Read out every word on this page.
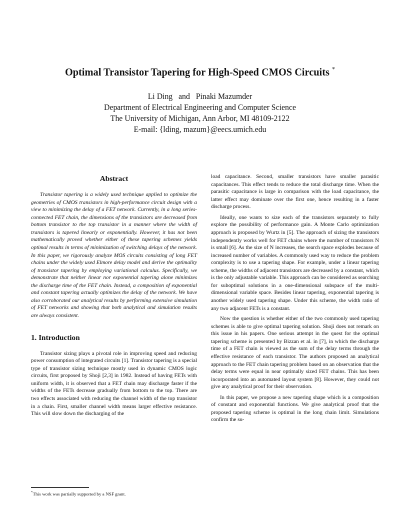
Optimal Transistor Tapering for High-Speed CMOS Circuits *
Li Ding   and   Pinaki Mazumder
Department of Electrical Engineering and Computer Science
The University of Michigan, Ann Arbor, MI 48109-2122
E-mail: {lding, mazum}@eecs.umich.edu
Abstract

Transistor tapering is a widely used technique applied to optimize the geometries of CMOS transistors in high-performance circuit design with a view to minimizing the delay of a FET network. Currently, in a long series-connected FET chain, the dimensions of the transistors are decreased from bottom transistor to the top transistor in a manner where the width of transistors is tapered linearly or exponentially. However, it has not been mathematically proved whether either of these tapering schemes yields optimal results in terms of minimization of switching delays of the network. In this paper, we rigorously analyze MOS circuits consisting of long FET chains under the widely used Elmore delay model and derive the optimality of transistor tapering by employing variational calculus. Specifically, we demonstrate that neither linear nor exponential tapering alone minimizes the discharge time of the FET chain. Instead, a composition of exponential and constant tapering actually optimizes the delay of the network. We have also corroborated our analytical results by performing extensive simulation of FET networks and showing that both analytical and simulation results are always consistent.

1. Introduction

Transistor sizing plays a pivotal role in improving speed and reducing power consumption of integrated circuits [1]. Transistor tapering is a special type of transistor sizing technique mostly used in dynamic CMOS logic circuits, first proposed by Shoji [2,3] in 1982. Instead of having FETs with uniform width, it is observed that a FET chain may discharge faster if the widths of the FETs decrease gradually from bottom to the top. There are two effects associated with reducing the channel width of the top transistor in a chain. First, smaller channel width means larger effective resistance. This will slow down the discharging of the

load capacitance. Second, smaller transistors have smaller parasitic capacitances. This effect tends to reduce the total discharge time. When the parasitic capacitance is large in comparison with the load capacitance, the latter effect may dominate over the first one, hence resulting in a faster discharge process.

Ideally, one wants to size each of the transistors separately to fully explore the possibility of performance gain. A Monte Carlo optimization approach is proposed by Wurtz in [5]. The approach of sizing the transistors independently works well for FET chains where the number of transistors N is small [6]. As the size of N increases, the search space explodes because of increased number of variables. A commonly used way to reduce the problem complexity is to use a tapering shape. For example, under a linear tapering scheme, the widths of adjacent transistors are decreased by a constant, which is the only adjustable variable. This approach can be considered as searching for suboptimal solutions in a one-dimensional subspace of the multi-dimensional variable space. Besides linear tapering, exponential tapering is another widely used tapering shape. Under this scheme, the width ratio of any two adjacent FETs is a constant.

Now the question is whether either of the two commonly used tapering schemes is able to give optimal tapering solution. Shoji does not remark on this issue in his papers. One serious attempt in the quest for the optimal tapering scheme is presented by Bizzan et al. in [7], in which the discharge time of a FET chain is viewed as the sum of the delay terms through the effective resistance of each transistor. The authors proposed an analytical approach to the FET chain tapering problem based on an observation that the delay terms were equal in near optimally sized FET chains. This has been incorporated into an automated layout system [8]. However, they could not give any analytical proof for their observation.

In this paper, we propose a new tapering shape which is a composition of constant and exponential functions. We give analytical proof that the proposed tapering scheme is optimal in the long chain limit. Simulations confirm the su-

*This work was partially supported by a NSF grant.
